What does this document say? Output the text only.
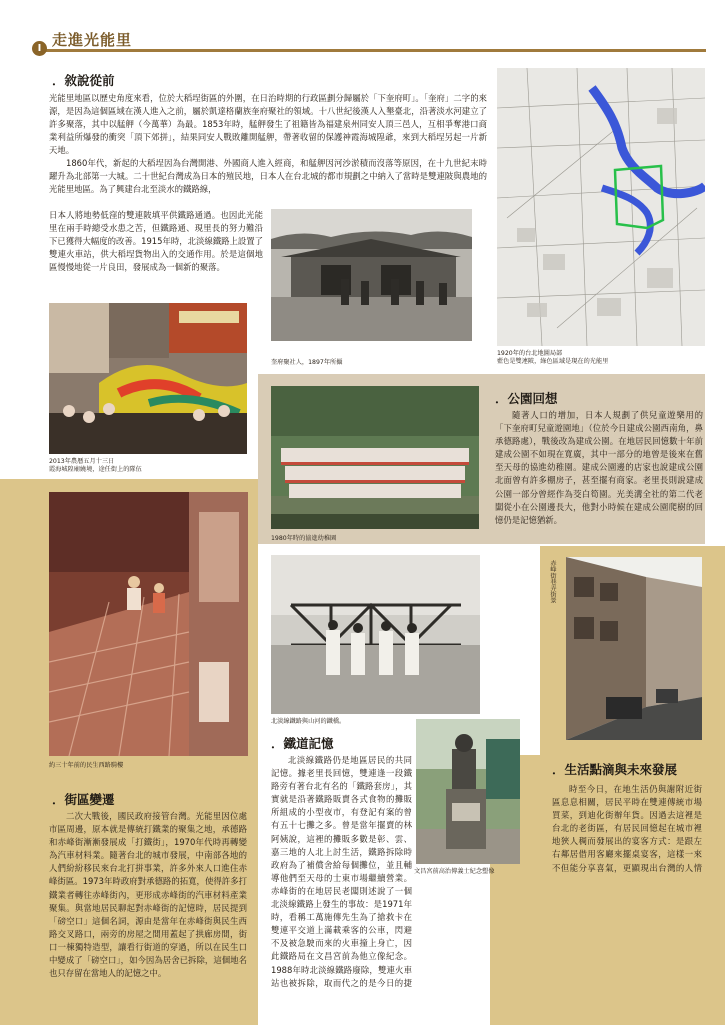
走進光能里
I
．敘說從前
光能里地區以歷史角度來看，位於大稻埕街區的外圍，在日治時期的行政區劃分歸屬於「下奎府町」。「奎府」二字的來源，是因為這個區域在漢人進入之前，屬於凱達格蘭族奎府聚社的領域。十八世紀後漢人入墾臺北，沿著淡水河建立了許多聚落，其中以艋舺（今萬華）為最。1853年時，艋舺發生了祖籍皆為福建泉州同安人頂三邑人，互相爭奪港口商業利益所爆發的衝突「頂下郊拼」，結果同安人戰敗離開艋舺，帶著收留的保護神霞海城隍爺，來到大稻埕另起一片新天地。
1860年代，新起的大稻埕因為台灣開港、外國商人進入經商，和艋舺因河沙淤積而沒落等原因，在十九世紀末時躍升為北部第一大城。二十世紀台灣成為日本的殖民地，日本人在台北城的都市規劃之中納入了當時是雙連陂與農地的光能里地區。為了興建台北至淡水的鐵路線，
日本人將地勢低窪的雙連陂填平供鐵路通過。也因此光能里在兩手時總受水患之苦，但鐵路通、現里長的努力難沿下已獲得大幅度的改善。1915年時，北淡線鐵路上設置了雙連火車站，供大稻埕貨物出入的交通作用。於是這個地區慢慢地從一片良田，發展成為一個新的聚落。
1920年的台北地圖局部
藍色是雙連陂，綠色區域是現在的光能里
奎府聚社人，1897年所攝
2013年農曆五月十三日
霞海城隍廟繞境，途任街上的隊伍
1980年時的協進幼稚園
．公園回想
隨著人口的增加，日本人規劃了供兒童遊樂用的「下奎府町兒童遊園地」（位於今日建成公園西南角，鼻承德路處），戰後改為建成公園。在地居民回憶數十年前建成公園不如現在寬廣，其中一部分的地曾是後來在舊至天母的協進幼稚園。建成公園邊的店家也說建成公園北面曾有許多棚房子，甚至擺有商家。老里長則說建成公園一部分曾經作為茭白筍園。光美溝全社的第二代老闆從小在公園邊長大，他對小時候在建成公園爬樹的回憶仍是記憶猶新。
約三十年前的民生西路騎樓
．街區變遷
二次大戰後，國民政府接管台灣。光能里因位處市區周邊，原本就是傳統打鐵業的聚集之地，承德路和赤峰街漸漸發展成「打鐵街」，1970年代時再轉變為汽車材料業。隨著台北的城市發展，中南部各地的人們紛紛移民來台北打拼事業，許多外來人口進住赤峰街區。1973年時政府對承德路的拓寬，使得許多打鐵業者轉往赤峰街內，更形成赤峰街的汽車材料產業聚集。與當地居民聊起對赤峰街的記憶時，居民提到「磅空口」這個名詞，源由是當年在赤峰街與民生西路交叉路口，兩旁的房屋之間用蓋起了拱廊房間，街口一棟獨特造型，讓看行街道的穿過，所以在民生口中變成了「磅空口」，如今因為居舍已拆除，這個地名也只存留在當地人的記憶之中。
北淡線鐵路與山河的鐵橋。
．鐵道記憶
北淡線鐵路仍是地區居民的共同記憶。據老里長回憶，雙連逢一段鐵路旁有著台北有名的「鐵路套房」，其實就是沿著鐵路販賣各式食物的攤販所組成的小型夜市，有登記有案的曾有五十七攤之多。曾是當年擺賣的林阿姨說，這裡的攤販多數是彰、雲、嘉三地的人北上討生活，鐵路拆除時政府為了補償舍給每個攤位，並且輔
導他們至天母的士東市場繼續營業。赤峰街的在地居民老闆則述說了一個北淡線鐵路上發生的事故：是1971年時，看稱工萬施傳先生為了搶救卡在雙連平交道上滿載乘客的公車，閃避不及被急駛而來的火車撞上身亡，因此鐵路局在文昌宮前為他立像紀念。1988年時北淡線鐵路廢除，雙連火車站也被拆除，取而代之的是今日的捷
文昌宮前高治傳義士紀念塑像
赤峰街巷弄街景
．生活點滴與未來發展
時至今日，在地生活仍與謝附近街區息息相關，居民平時在雙連傳統市場買菜，到迪化街辦年貨。因過去這裡是台北的老街區，有居民回憶起在城市裡地狹人稠而發展出的宴客方式：是跟左右鄰居借用客廳來擺桌宴客，這樣一來不但能分享喜氣，更顯現出台灣的人情
